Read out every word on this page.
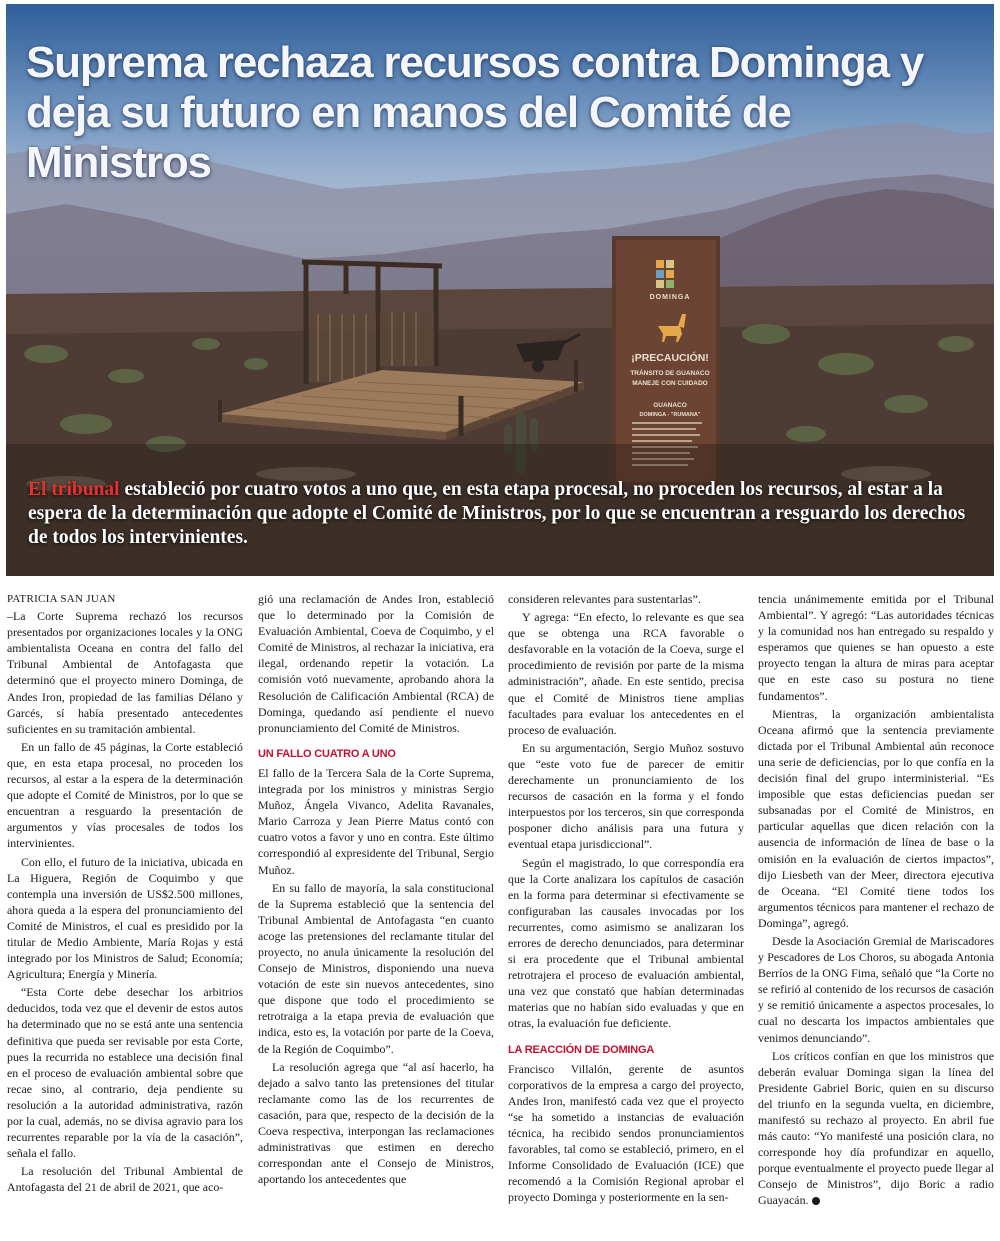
DOMINGA
¡PRECAUCIÓN!
TRÁNSITO DE GUANACO
MANEJE CON CUIDADO
GUANACO
DOMINGA - "RUMANA"
Suprema rechaza recursos contra Dominga y deja su futuro en manos del Comité de Ministros

El tribunal estableció por cuatro votos a uno que, en esta etapa procesal, no proceden los recursos, al estar a la espera de la determinación que adopte el Comité de Ministros, por lo que se encuentran a resguardo los derechos de todos los intervinientes.

PATRICIA SAN JUAN

–La Corte Suprema rechazó los recursos presentados por organizaciones locales y la ONG ambientalista Oceana en contra del fallo del Tribunal Ambiental de Antofagasta que determinó que el proyecto minero Dominga, de Andes Iron, propiedad de las familias Délano y Garcés, sí había presentado antecedentes suficientes en su tramitación ambiental.

En un fallo de 45 páginas, la Corte estableció que, en esta etapa procesal, no proceden los recursos, al estar a la espera de la determinación que adopte el Comité de Ministros, por lo que se encuentran a resguardo la presentación de argumentos y vías procesales de todos los intervinientes.

Con ello, el futuro de la iniciativa, ubicada en La Higuera, Región de Coquimbo y que contempla una inversión de US$2.500 millones, ahora queda a la espera del pronunciamiento del Comité de Ministros, el cual es presidido por la titular de Medio Ambiente, María Rojas y está integrado por los Ministros de Salud; Economía; Agricultura; Energía y Minería.

“Esta Corte debe desechar los arbitrios deducidos, toda vez que el devenir de estos autos ha determinado que no se está ante una sentencia definitiva que pueda ser revisable por esta Corte, pues la recurrida no establece una decisión final en el proceso de evaluación ambiental sobre que recae sino, al contrario, deja pendiente su resolución a la autoridad administrativa, razón por la cual, además, no se divisa agravio para los recurrentes reparable por la vía de la casación”, señala el fallo.

La resolución del Tribunal Ambiental de Antofagasta del 21 de abril de 2021, que aco-

gió una reclamación de Andes Iron, estableció que lo determinado por la Comisión de Evaluación Ambiental, Coeva de Coquimbo, y el Comité de Ministros, al rechazar la iniciativa, era ilegal, ordenando repetir la votación. La comisión votó nuevamente, aprobando ahora la Resolución de Calificación Ambiental (RCA) de Dominga, quedando así pendiente el nuevo pronunciamiento del Comité de Ministros.

UN FALLO CUATRO A UNO

El fallo de la Tercera Sala de la Corte Suprema, integrada por los ministros y ministras Sergio Muñoz, Ángela Vivanco, Adelita Ravanales, Mario Carroza y Jean Pierre Matus contó con cuatro votos a favor y uno en contra. Este último correspondió al expresidente del Tribunal, Sergio Muñoz.

En su fallo de mayoría, la sala constitucional de la Suprema estableció que la sentencia del Tribunal Ambiental de Antofagasta “en cuanto acoge las pretensiones del reclamante titular del proyecto, no anula únicamente la resolución del Consejo de Ministros, disponiendo una nueva votación de este sin nuevos antecedentes, sino que dispone que todo el procedimiento se retrotraiga a la etapa previa de evaluación que indica, esto es, la votación por parte de la Coeva, de la Región de Coquimbo”.

La resolución agrega que “al así hacerlo, ha dejado a salvo tanto las pretensiones del titular reclamante como las de los recurrentes de casación, para que, respecto de la decisión de la Coeva respectiva, interpongan las reclamaciones administrativas que estimen en derecho correspondan ante el Consejo de Ministros, aportando los antecedentes que

consideren relevantes para sustentarlas”.

Y agrega: “En efecto, lo relevante es que sea que se obtenga una RCA favorable o desfavorable en la votación de la Coeva, surge el procedimiento de revisión por parte de la misma administración”, añade. En este sentido, precisa que el Comité de Ministros tiene amplias facultades para evaluar los antecedentes en el proceso de evaluación.

En su argumentación, Sergio Muñoz sostuvo que “este voto fue de parecer de emitir derechamente un pronunciamiento de los recursos de casación en la forma y el fondo interpuestos por los terceros, sin que corresponda posponer dicho análisis para una futura y eventual etapa jurisdiccional”.

Según el magistrado, lo que correspondía era que la Corte analizara los capítulos de casación en la forma para determinar si efectivamente se configuraban las causales invocadas por los recurrentes, como asimismo se analizaran los errores de derecho denunciados, para determinar si era procedente que el Tribunal ambiental retrotrajera el proceso de evaluación ambiental, una vez que constató que habían determinadas materias que no habían sido evaluadas y que en otras, la evaluación fue deficiente.

LA REACCIÓN DE DOMINGA

Francisco Villalón, gerente de asuntos corporativos de la empresa a cargo del proyecto, Andes Iron, manifestó cada vez que el proyecto “se ha sometido a instancias de evaluación técnica, ha recibido sendos pronunciamientos favorables, tal como se estableció, primero, en el Informe Consolidado de Evaluación (ICE) que recomendó a la Comisión Regional aprobar el proyecto Dominga y posteriormente en la sen-

tencia unánimemente emitida por el Tribunal Ambiental”. Y agregó: “Las autoridades técnicas y la comunidad nos han entregado su respaldo y esperamos que quienes se han opuesto a este proyecto tengan la altura de miras para aceptar que en este caso su postura no tiene fundamentos”.

Mientras, la organización ambientalista Oceana afirmó que la sentencia previamente dictada por el Tribunal Ambiental aún reconoce una serie de deficiencias, por lo que confía en la decisión final del grupo interministerial. “Es imposible que estas deficiencias puedan ser subsanadas por el Comité de Ministros, en particular aquellas que dicen relación con la ausencia de información de línea de base o la omisión en la evaluación de ciertos impactos”, dijo Liesbeth van der Meer, directora ejecutiva de Oceana. “El Comité tiene todos los argumentos técnicos para mantener el rechazo de Dominga”, agregó.

Desde la Asociación Gremial de Mariscadores y Pescadores de Los Choros, su abogada Antonia Berríos de la ONG Fima, señaló que “la Corte no se refirió al contenido de los recursos de casación y se remitió únicamente a aspectos procesales, lo cual no descarta los impactos ambientales que venimos denunciando”.

Los críticos confían en que los ministros que deberán evaluar Dominga sigan la línea del Presidente Gabriel Boric, quien en su discurso del triunfo en la segunda vuelta, en diciembre, manifestó su rechazo al proyecto. En abril fue más cauto: “Yo manifesté una posición clara, no corresponde hoy día profundizar en aquello, porque eventualmente el proyecto puede llegar al Consejo de Ministros”, dijo Boric a radio Guayacán.
